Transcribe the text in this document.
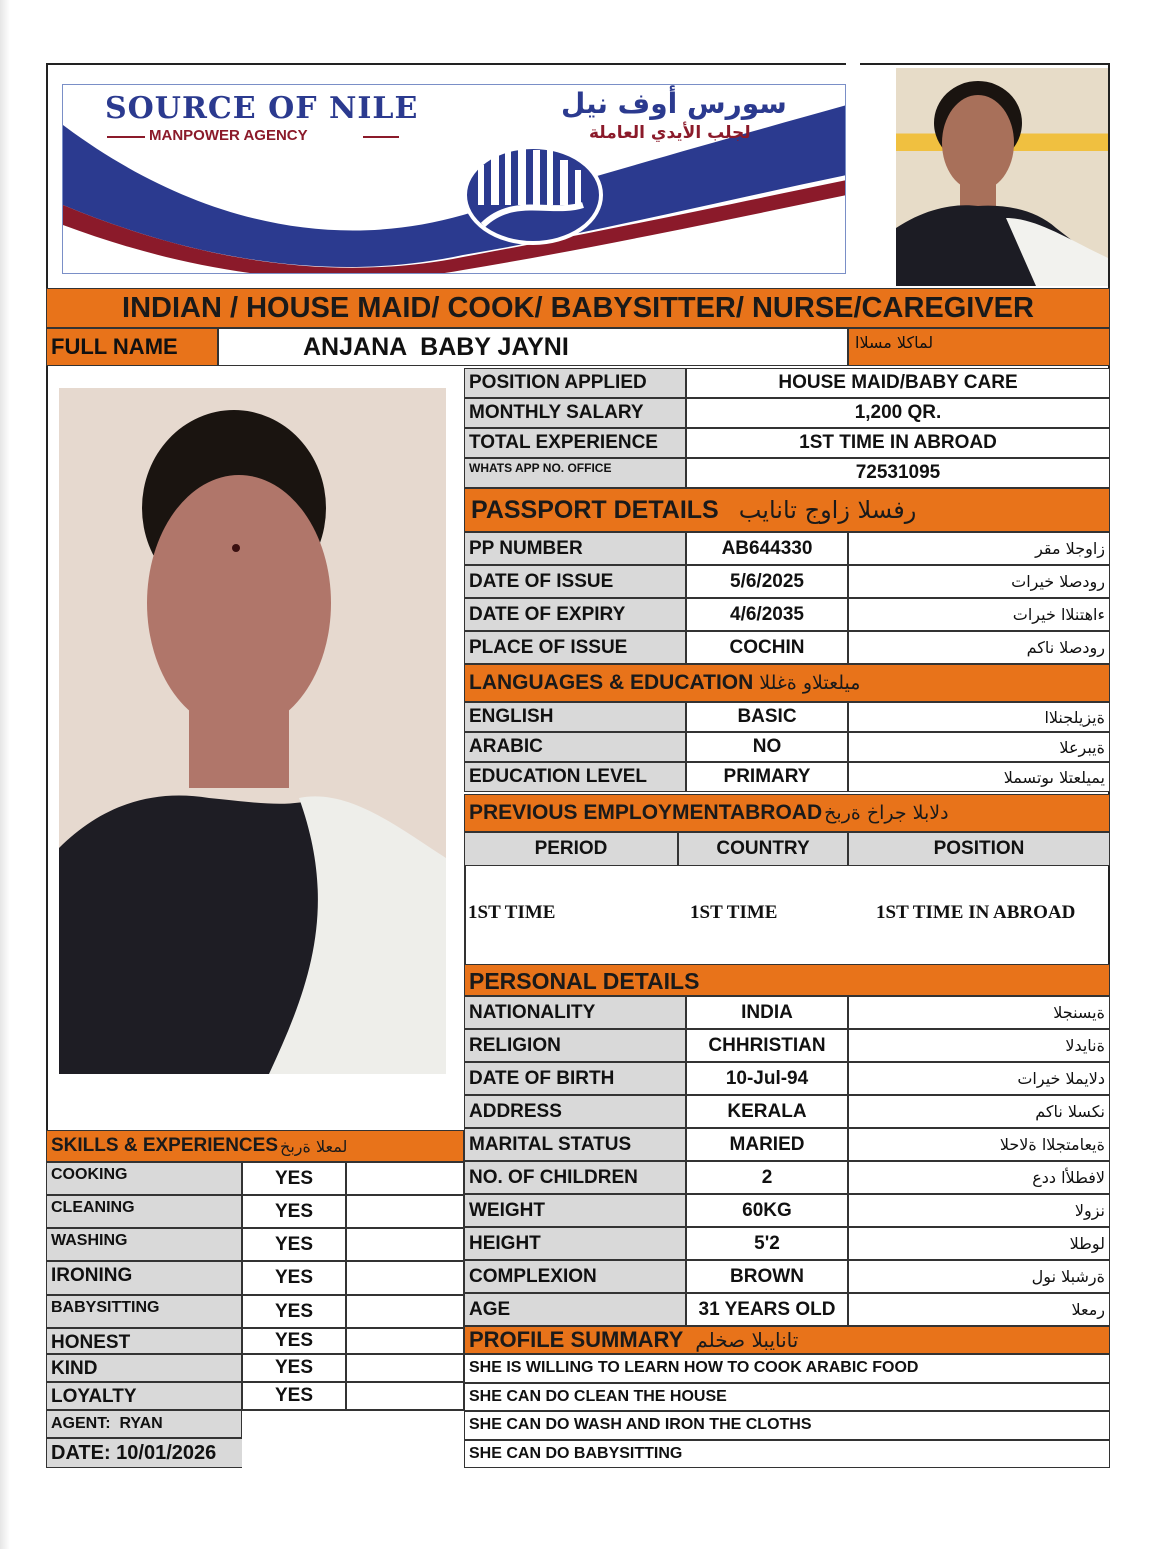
SOURCE OF NILE
MANPOWER AGENCY
سورس أوف نيل
لجلب الأيدي العاملة
INDIAN / HOUSE MAID/ COOK/ BABYSITTER/ NURSE/CAREGIVER
FULL NAME	ANJANA  BABY JAYNI	لماكلا مسلاا
POSITION APPLIED	HOUSE MAID/BABY CARE
MONTHLY SALARY	1,200 QR.
TOTAL EXPERIENCE	1ST TIME IN ABROAD
WHATS APP NO. OFFICE	72531095
PASSPORT DETAILS رفسلا زاوج تانايب
PP NUMBER	AB644330	زاوجلا مقر
DATE OF ISSUE	5/6/2025	رودصلا خيرات
DATE OF EXPIRY	4/6/2035	ءاهتنلاا خيرات
PLACE OF ISSUE	COCHIN	رودصلا ناكم
LANGUAGES & EDUCATION ميلعتلاو ةغللا
ENGLISH	BASIC	ةيزيلجنلاا
ARABIC	NO	ةيبرعلا
EDUCATION LEVEL	PRIMARY	يميلعتلا ىوتسملا
PREVIOUS EMPLOYMENTABROAD دلابلا جراخ ةربخ
PERIOD	COUNTRY	POSITION
1ST TIME	1ST TIME	1ST TIME IN ABROAD
PERSONAL DETAILS
NATIONALITY	INDIA	ةيسنجلا
RELIGION	CHHRISTIAN	ةنايدلا
DATE OF BIRTH	10-Jul-94	دلايملا خيرات
ADDRESS	KERALA	نكسلا ناكم
MARITAL STATUS	MARIED	ةيعامتجلاا ةلاحلا
NO. OF CHILDREN	2	لافطلأا ددع
WEIGHT	60KG	نزولا
HEIGHT	5'2	لوطلا
COMPLEXION	BROWN	ةرشبلا نول
AGE	31 YEARS OLD	رمعلا
PROFILE SUMMARY تانايبلا صخلم
SHE IS WILLING TO LEARN HOW TO COOK ARABIC FOOD
SHE CAN DO CLEAN THE HOUSE
SHE CAN DO WASH AND IRON THE CLOTHS
SHE CAN DO BABYSITTING
SKILLS & EXPERIENCES لمعلا ةربخ
COOKING	YES
CLEANING	YES
WASHING	YES
IRONING	YES
BABYSITTING	YES
HONEST	YES
KIND	YES
LOYALTY	YES
AGENT:  RYAN
DATE: 10/01/2026
